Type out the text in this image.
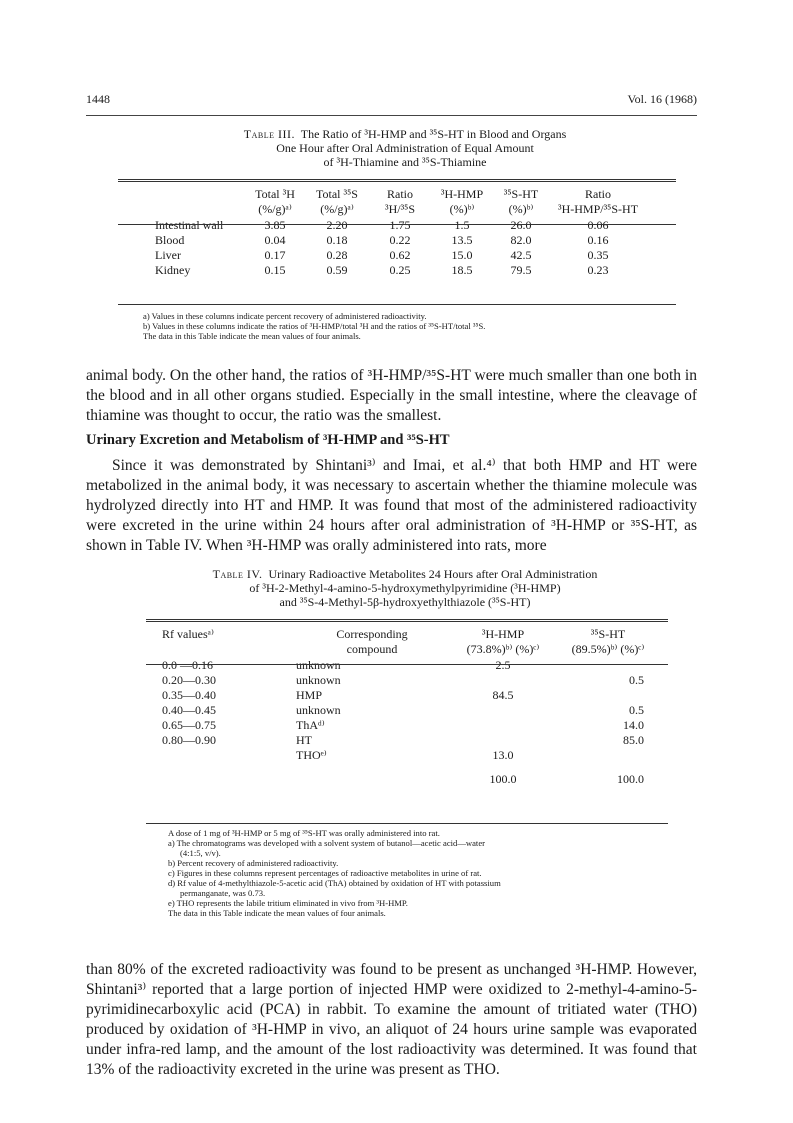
1448	Vol. 16 (1968)
Table III. The Ratio of ³H-HMP and ³⁵S-HT in Blood and Organs
One Hour after Oral Administration of Equal Amount
of ³H-Thiamine and ³⁵S-Thiamine
	Total ³H	Total ³⁵S	Ratio	³H-HMP	³⁵S-HT	Ratio
	(%/g)ᵃ⁾	(%/g)ᵃ⁾	³H/³⁵S	(%)ᵇ⁾	(%)ᵇ⁾	³H-HMP/³⁵S-HT
Intestinal wall	3.85	2.20	1.75	1.5	26.0	0.06
Blood	0.04	0.18	0.22	13.5	82.0	0.16
Liver	0.17	0.28	0.62	15.0	42.5	0.35
Kidney	0.15	0.59	0.25	18.5	79.5	0.23
a) Values in these columns indicate percent recovery of administered radioactivity.
b) Values in these columns indicate the ratios of ³H-HMP/total ³H and the ratios of ³⁵S-HT/total ³⁵S.
The data in this Table indicate the mean values of four animals.

animal body. On the other hand, the ratios of ³H-HMP/³⁵S-HT were much smaller than one both in the blood and in all other organs studied. Especially in the small intestine, where the cleavage of thiamine was thought to occur, the ratio was the smallest.

Urinary Excretion and Metabolism of ³H-HMP and ³⁵S-HT

Since it was demonstrated by Shintani³⁾ and Imai, et al.⁴⁾ that both HMP and HT were metabolized in the animal body, it was necessary to ascertain whether the thiamine molecule was hydrolyzed directly into HT and HMP. It was found that most of the administered radioactivity were excreted in the urine within 24 hours after oral administration of ³H-HMP or ³⁵S-HT, as shown in Table IV. When ³H-HMP was orally administered into rats, more

Table IV. Urinary Radioactive Metabolites 24 Hours after Oral Administration
of ³H-2-Methyl-4-amino-5-hydroxymethylpyrimidine (³H-HMP)
and ³⁵S-4-Methyl-5β-hydroxyethylthiazole (³⁵S-HT)
Rf valuesᵃ⁾	Corresponding	³H-HMP	³⁵S-HT
	compound	(73.8%)ᵇ⁾ (%)ᶜ⁾	(89.5%)ᵇ⁾ (%)ᶜ⁾
0.0 —0.16	unknown	2.5	
0.20—0.30	unknown		0.5
0.35—0.40	HMP	84.5	
0.40—0.45	unknown		0.5
0.65—0.75	ThAᵈ⁾		14.0
0.80—0.90	HT		85.0
	THOᵉ⁾	13.0	
		100.0	100.0
A dose of 1 mg of ³H-HMP or 5 mg of ³⁵S-HT was orally administered into rat.
a) The chromatograms was developed with a solvent system of butanol—acetic acid—water
(4:1:5, v/v).
b) Percent recovery of administered radioactivity.
c) Figures in these columns represent percentages of radioactive metabolites in urine of rat.
d) Rf value of 4-methylthiazole-5-acetic acid (ThA) obtained by oxidation of HT with potassium
permanganate, was 0.73.
e) THO represents the labile tritium eliminated in vivo from ³H-HMP.
The data in this Table indicate the mean values of four animals.

than 80% of the excreted radioactivity was found to be present as unchanged ³H-HMP. However, Shintani³⁾ reported that a large portion of injected HMP were oxidized to 2-methyl-4-amino-5-pyrimidinecarboxylic acid (PCA) in rabbit. To examine the amount of tritiated water (THO) produced by oxidation of ³H-HMP in vivo, an aliquot of 24 hours urine sample was evaporated under infra-red lamp, and the amount of the lost radioactivity was determined. It was found that 13% of the radioactivity excreted in the urine was present as THO.
